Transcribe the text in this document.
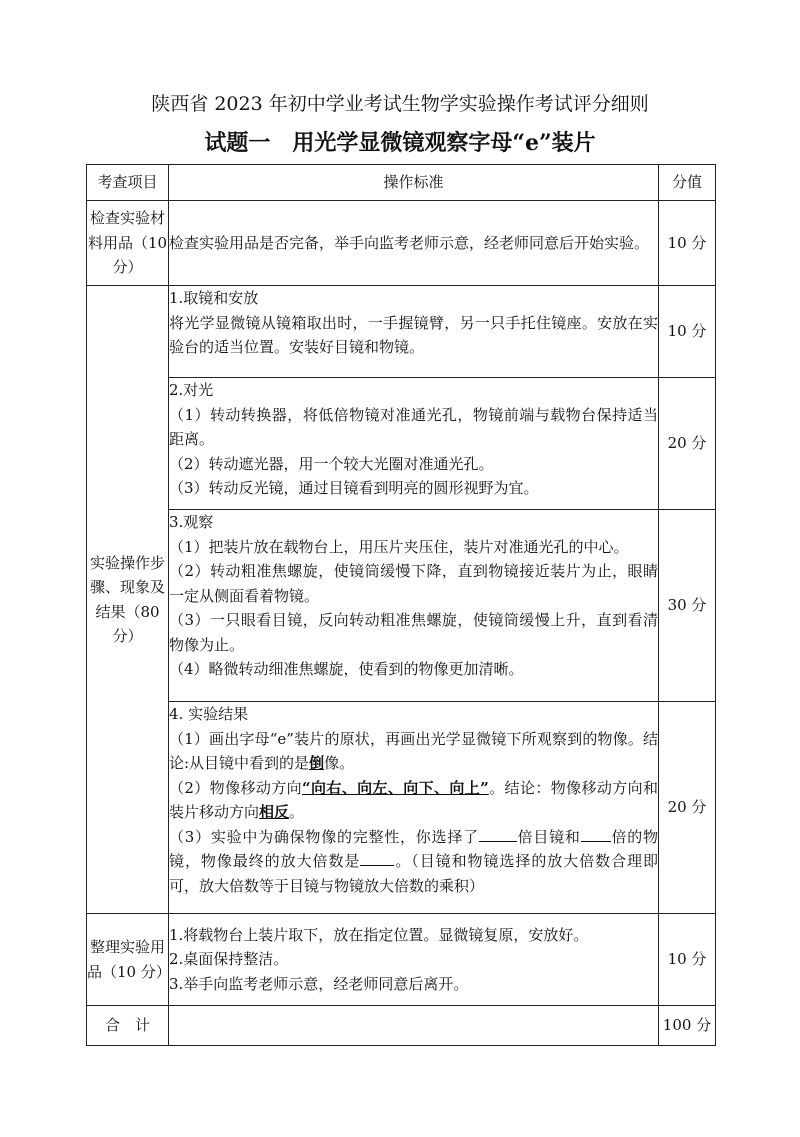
陕西省 2023 年初中学业考试生物学实验操作考试评分细则
试题一　用光学显微镜观察字母“e”装片
考查项目	操作标准	分值
检查实验材料用品（10 分）	检查实验用品是否完备，举手向监考老师示意，经老师同意后开始实验。	10 分
实验操作步骤、现象及结果（80 分）	1.取镜和安放
将光学显微镜从镜箱取出时，一手握镜臂，另一只手托住镜座。安放在实验台的适当位置。安装好目镜和物镜。	10 分

	2.对光
（1）转动转换器，将低倍物镜对准通光孔，物镜前端与载物台保持适当距离。
（2）转动遮光器，用一个较大光圈对准通光孔。
（3）转动反光镜，通过目镜看到明亮的圆形视野为宜。	20 分

	3.观察
（1）把装片放在载物台上，用压片夹压住，装片对准通光孔的中心。
（2）转动粗准焦螺旋，使镜筒缓慢下降，直到物镜接近装片为止，眼睛一定从侧面看着物镜。
（3）一只眼看目镜，反向转动粗准焦螺旋，使镜筒缓慢上升，直到看清物像为止。
（4）略微转动细准焦螺旋，使看到的物像更加清晰。	30 分

	4. 实验结果
（1）画出字母“e”装片的原状，再画出光学显微镜下所观察到的物像。结论:从目镜中看到的是倒像。
（2）物像移动方向“向右、向左、向下、向上”。结论：物像移动方向和装片移动方向相反。
（3）实验中为确保物像的完整性，你选择了 倍目镜和 倍的物镜，物像最终的放大倍数是 。（目镜和物镜选择的放大倍数合理即可，放大倍数等于目镜与物镜放大倍数的乘积）	20 分
整理实验用品（10 分）	1.将载物台上装片取下，放在指定位置。显微镜复原，安放好。
2.桌面保持整洁。
3.举手向监考老师示意，经老师同意后离开。	10 分
合　计		100 分
